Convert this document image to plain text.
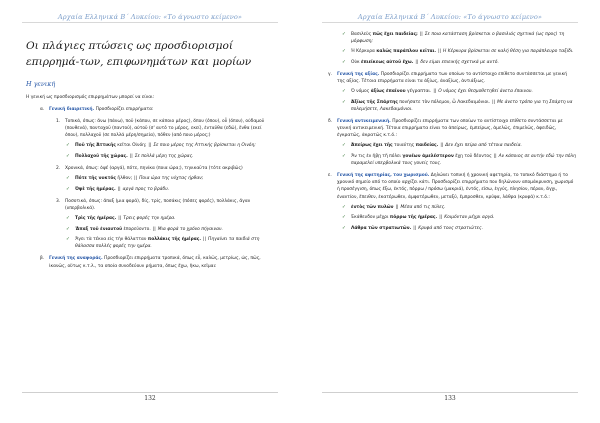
Αρχαία Ελληνικά Β΄ Λυκείου: «Το άγνωστο κείμενο»
Οι πλάγιες πτώσεις ως προσδιορισμοί επιρρημά-των, επιφωνημάτων και μορίων
Η γενική

Η γενική ως προσδιορισμός επιρρημάτων μπορεί να είναι:

α.	Γενική διαιρετική. Προσδιορίζει επιρρήματα:
1.	Τοπικά, όπως: ἄνω (πάνω), ποῦ (κάπου, σε κάποιο μέρος), ὅπου (όπου), οὗ (όπου), οὐδαμοῦ (πουθενά), πανταχοῦ (παντού), αὐτοῦ (σ' αυτό το μέρος, εκεί), ἐνταῦθα (εδώ), ἔνθα (εκεί όπου), πολλαχοῦ (σε πολλά μέρη/σημεία), πόθεν (από ποιο μέρος;)
✓	Ποῦ τῆς Ἀττικῆς κεῖται Οἰνόη; || Σε ποιο μέρος της Αττικής βρίσκεται η Οινόη;
✓	Πολλαχοῦ τῆς χώρας. || Σε πολλά μέρη της χώρας.
2.	Χρονικά, όπως: ὀψέ (αργά), πότε, πηνίκα (ποια ώρα;), τηνικαῦτα (τότε ακριβώς)
✓	Πότε τῆς νυκτός ἧλθον; || Ποια ώρα της νύχτας ήρθαν;
✓	Ὀψὲ τῆς ἡμέρας. || αργά προς το βράδυ.
3.	Ποσοτικά, όπως: ἅπαξ (μια φορά), δίς, τρίς, ποσάκις (πόσες φορές), πολλάκις, ἄγαν (υπερβολικά).
✓	Τρὶς τῆς ἡμέρας. || Τρεις φορές την ημέρα.
✓	Ἅπαξ τοῦ ἐνιαυτοῦ ἐπορεύοντο. || Μια φορά το χρόνο πήγαιναν.
✓	Ἄγει τὰ τέκνα εἰς τὴν θάλατταν πολλάκις τῆς ἡμέρας. || Πηγαίνει τα παιδιά στη θάλασσα πολλές φορές την ημέρα.
β.	Γενική της αναφοράς. Προσδιορίζει επιρρήματα τροπικά, όπως εὖ, καλῶς, μετρίως, ὡς, πῶς, ἱκανῶς, οὕτως κ.τ.λ., τα οποία συνοδεύουν ρήματα, όπως ἔχω, ἥκω, κεῖμαι:
132
Αρχαία Ελληνικά Β΄ Λυκείου: «Το άγνωστο κείμενο»
✓	Βασιλεὺς πῶς ἔχει παιδείας; || Σε ποια κατάσταση βρίσκεται ο βασιλιάς σχετικά (ως προς) τη μόρφωση;
✓	Ἡ Κέρκυρα καλῶς παράπλου κεῖται. || Η Κέρκυρα βρίσκεται σε καλή θέση για παράπλευρο ταξίδι.
✓	Οὐκ ἐπιείκεως αὐτοῦ ἔχω. || δεν είμαι επιεικής σχετικά με αυτό.
γ.	Γενική της αξίας. Προσδιορίζει επιρρήματα των οποίων το αντίστοιχο επίθετο συντάσσεται με γενική της αξίας. Τέτοια επιρρήματα είναι τα ἀξίως, ἀναξίως, ἀντιάξιως.
✓	Ὁ νόμος ἀξίως ἐπαίνου γέγραπται. || Ο νόμος έχει θεσμοθετηθεί άνετα έπαινου.
✓	Ἀξίως τῆς Σπάρτης πονήσατε τὸν πόλεμον, ὦ Λακεδαιμόνιοι. || Με άνετο τρόπο για τη Σπάρτη να πολεμήσετε, Λακεδαιμόνιοι.
δ.	Γενική αντικειμενική. Προσδιορίζει επιρρήματα των οποίων το αντίστοιχο επίθετο συντάσσεται με γενική αντικειμενική. Τέτοια επιρρήματα είναι τα ἀπείρως, ἐμπείρως, ἀμελῶς, ἐπιμελῶς, ἀφειδῶς, ἐγκρατῶς, ἀκρατῶς κ.τ.ό.:
✓	Ἀπείρως ἔχει τῆς τοιαύτης παιδείας. || Δεν έχει πείρα από τέτοια παιδεία.
✓	Ἄν τις ἐν ἥβῃ τῆ πόλει γονέων ἀμελέστερον ἔχῃ τοῦ δέοντος || Αν κάποιος σε αυτήν εδώ την πόλη παραμελεί υπερβολικά τους γονείς τους.
ε.	Γενική της αφετηρίας, του χωρισμού. Δηλώνει τοπική ή χρονική αφετηρία, το τοπικό διάστημα ή το χρονικό σημείο από το οποίο αρχίζει κάτι. Προσδιορίζει επιρρήματα που δηλώνουν απομάκρυνση, χωρισμό ή προσέγγιση, όπως ἔξω, ἐκτός, πόρρω / πρόσω (μακριά), ἐντός, εἴσω, ἐγγύς, πλησίον, πέραν, ἄγχι, ἐναντίον, ἔπειθεν, ἐκατέρωθεν, ἀμφοτέρωθεν, μεταξύ, ἔμπροσθεν, κρύφα, λάθρα (κρυφά) κ.τ.ό.:
✓	ἐντὸς τῶν πυλῶν || Μέσα από τις πύλες.
✓	Ἐκάθευδον μέχρι πόρρω τῆς ἡμέρας. || Κοιμόνταν μέχρι αργά.
✓	Λάθρα τῶν στρατιωτῶν. || Κρυφά από τους στρατιώτες.
133
